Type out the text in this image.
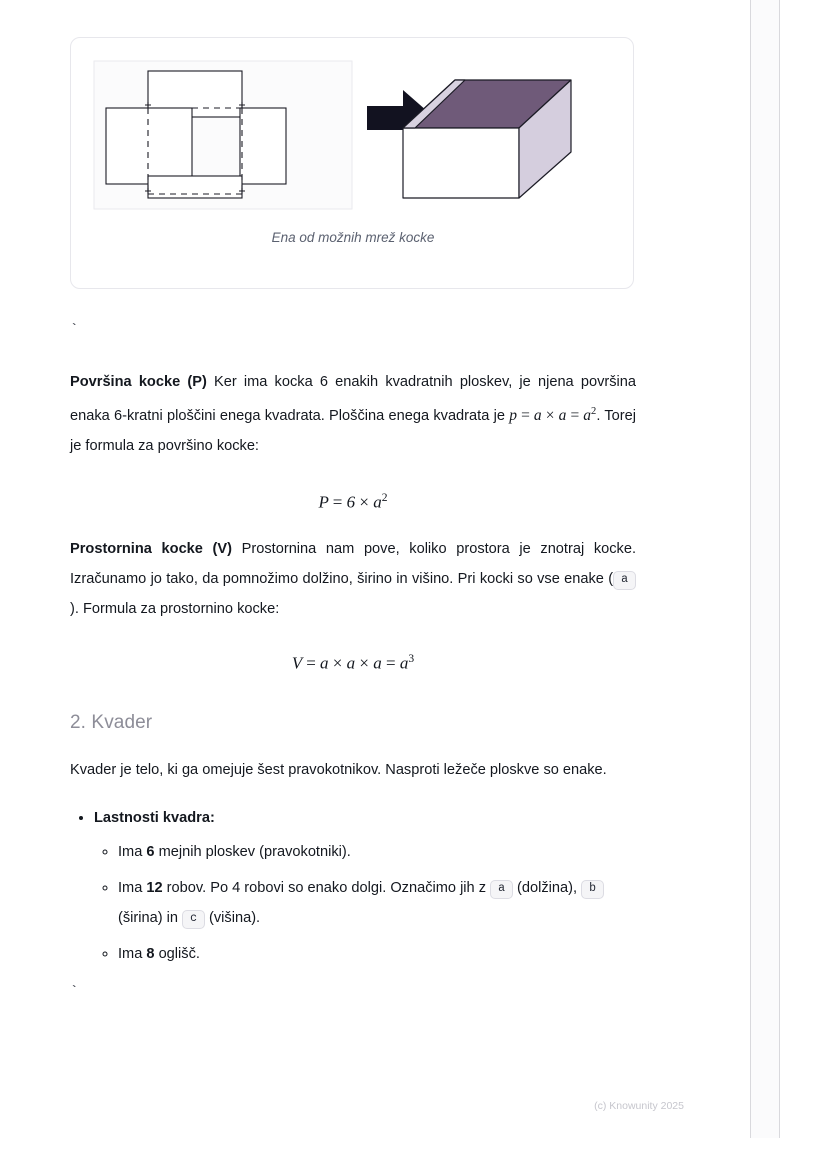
Ena od možnih mrež kocke
`

Površina kocke (P) Ker ima kocka 6 enakih kvadratnih ploskev, je njena površina enaka 6-kratni ploščini enega kvadrata. Ploščina enega kvadrata je $p = a \times a = a^2$. Torej je formula za površino kocke:

$P = 6 \times a^2$

Prostornina kocke (V) Prostornina nam pove, koliko prostora je znotraj kocke. Izračunamo jo tako, da pomnožimo dolžino, širino in višino. Pri kocki so vse enake ( a). Formula za prostornino kocke:

$V = a \times a \times a = a^3$
2. Kvader

Kvader je telo, ki ga omejuje šest pravokotnikov. Nasproti ležeče ploskve so enake.

• Lastnosti kvadra:
◦ Ima 6 mejnih ploskev (pravokotniki).
◦ Ima 12 robov. Po 4 robovi so enako dolgi. Označimo jih z a (dolžina), b (širina) in c (višina).
◦ Ima 8 oglišč.
`
(c) Knowunity 2025
